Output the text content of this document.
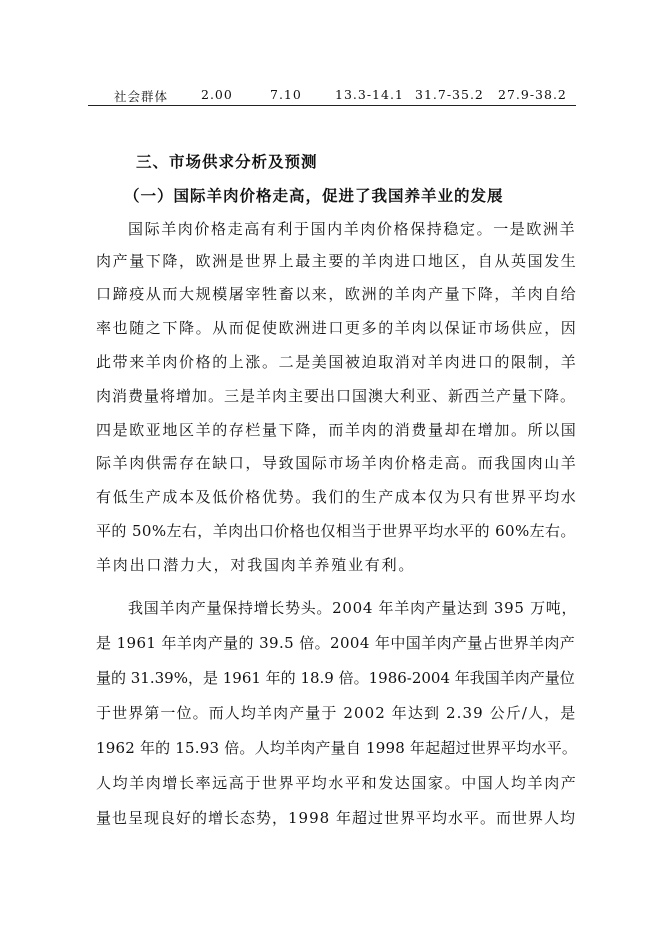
社会群体	2.00	7.10	13.3-14.1 31.7-35.2 27.9-38.2
三、市场供求分析及预测
（一）国际羊肉价格走高，促进了我国养羊业的发展
国际羊肉价格走高有利于国内羊肉价格保持稳定。一是欧洲羊
肉产量下降，欧洲是世界上最主要的羊肉进口地区，自从英国发生
口蹄疫从而大规模屠宰牲畜以来，欧洲的羊肉产量下降，羊肉自给
率也随之下降。从而促使欧洲进口更多的羊肉以保证市场供应，因
此带来羊肉价格的上涨。二是美国被迫取消对羊肉进口的限制，羊
肉消费量将增加。三是羊肉主要出口国澳大利亚、新西兰产量下降。
四是欧亚地区羊的存栏量下降，而羊肉的消费量却在增加。所以国
际羊肉供需存在缺口，导致国际市场羊肉价格走高。而我国肉山羊
有低生产成本及低价格优势。我们的生产成本仅为只有世界平均水
平的 50%左右，羊肉出口价格也仅相当于世界平均水平的 60%左右。
羊肉出口潜力大，对我国肉羊养殖业有利。
我国羊肉产量保持增长势头。2004 年羊肉产量达到 395 万吨，
是 1961 年羊肉产量的 39.5 倍。2004 年中国羊肉产量占世界羊肉产
量的 31.39%，是 1961 年的 18.9 倍。1986-2004 年我国羊肉产量位
于世界第一位。而人均羊肉产量于 2002 年达到 2.39 公斤/人，是
1962 年的 15.93 倍。人均羊肉产量自 1998 年起超过世界平均水平。
人均羊肉增长率远高于世界平均水平和发达国家。中国人均羊肉产
量也呈现良好的增长态势，1998 年超过世界平均水平。而世界人均
